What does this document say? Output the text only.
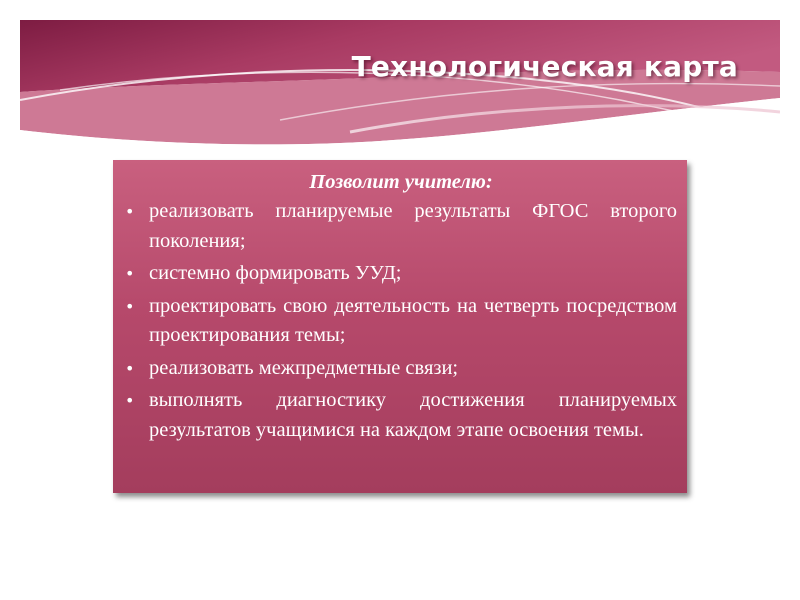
Технологическая карта

Позволит учителю:

• реализовать планируемые результаты ФГОС второго поколения;
• системно формировать УУД;
• проектировать свою деятельность на четверть посредством проектирования темы;
• реализовать межпредметные связи;
• выполнять диагностику достижения планируемых результатов учащимися на каждом этапе освоения темы.
